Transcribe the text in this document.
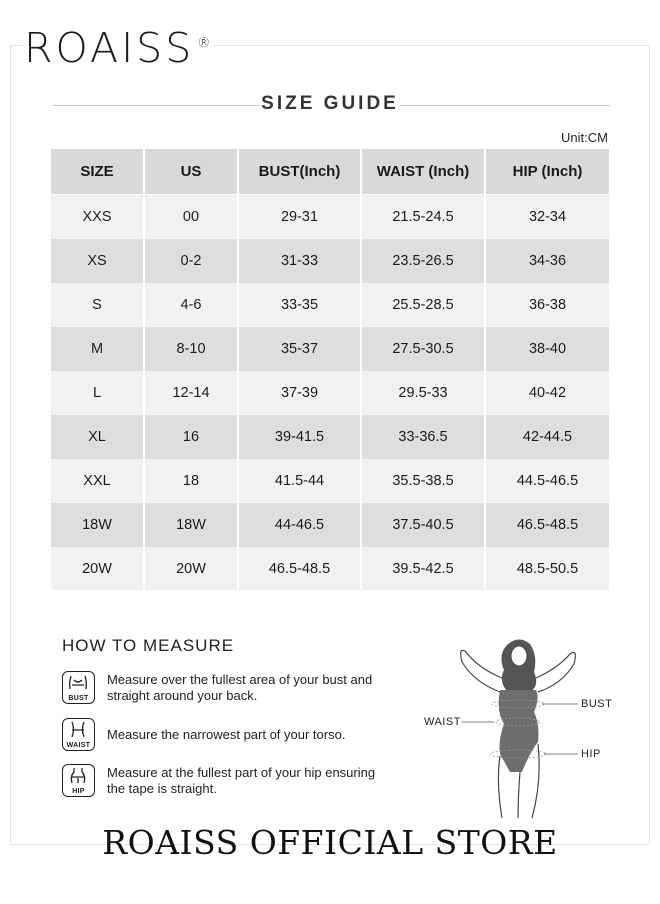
ROAISS ®
SIZE GUIDE
Unit:CM
SIZE	US	BUST(Inch)	WAIST (Inch)	HIP (Inch)
XXS	00	29-31	21.5-24.5	32-34
XS	0-2	31-33	23.5-26.5	34-36
S	4-6	33-35	25.5-28.5	36-38
M	8-10	35-37	27.5-30.5	38-40
L	12-14	37-39	29.5-33	40-42
XL	16	39-41.5	33-36.5	42-44.5
XXL	18	41.5-44	35.5-38.5	44.5-46.5
18W	18W	44-46.5	37.5-40.5	46.5-48.5
20W	20W	46.5-48.5	39.5-42.5	48.5-50.5
HOW TO MEASURE
BUST
Measure over the fullest area of your bust and
straight around your back.
WAIST
Measure the narrowest part of your torso.
HIP
Measure at the fullest part of your hip ensuring
the tape is straight.
BUST
WAIST
HIP
ROAISS OFFICIAL STORE
